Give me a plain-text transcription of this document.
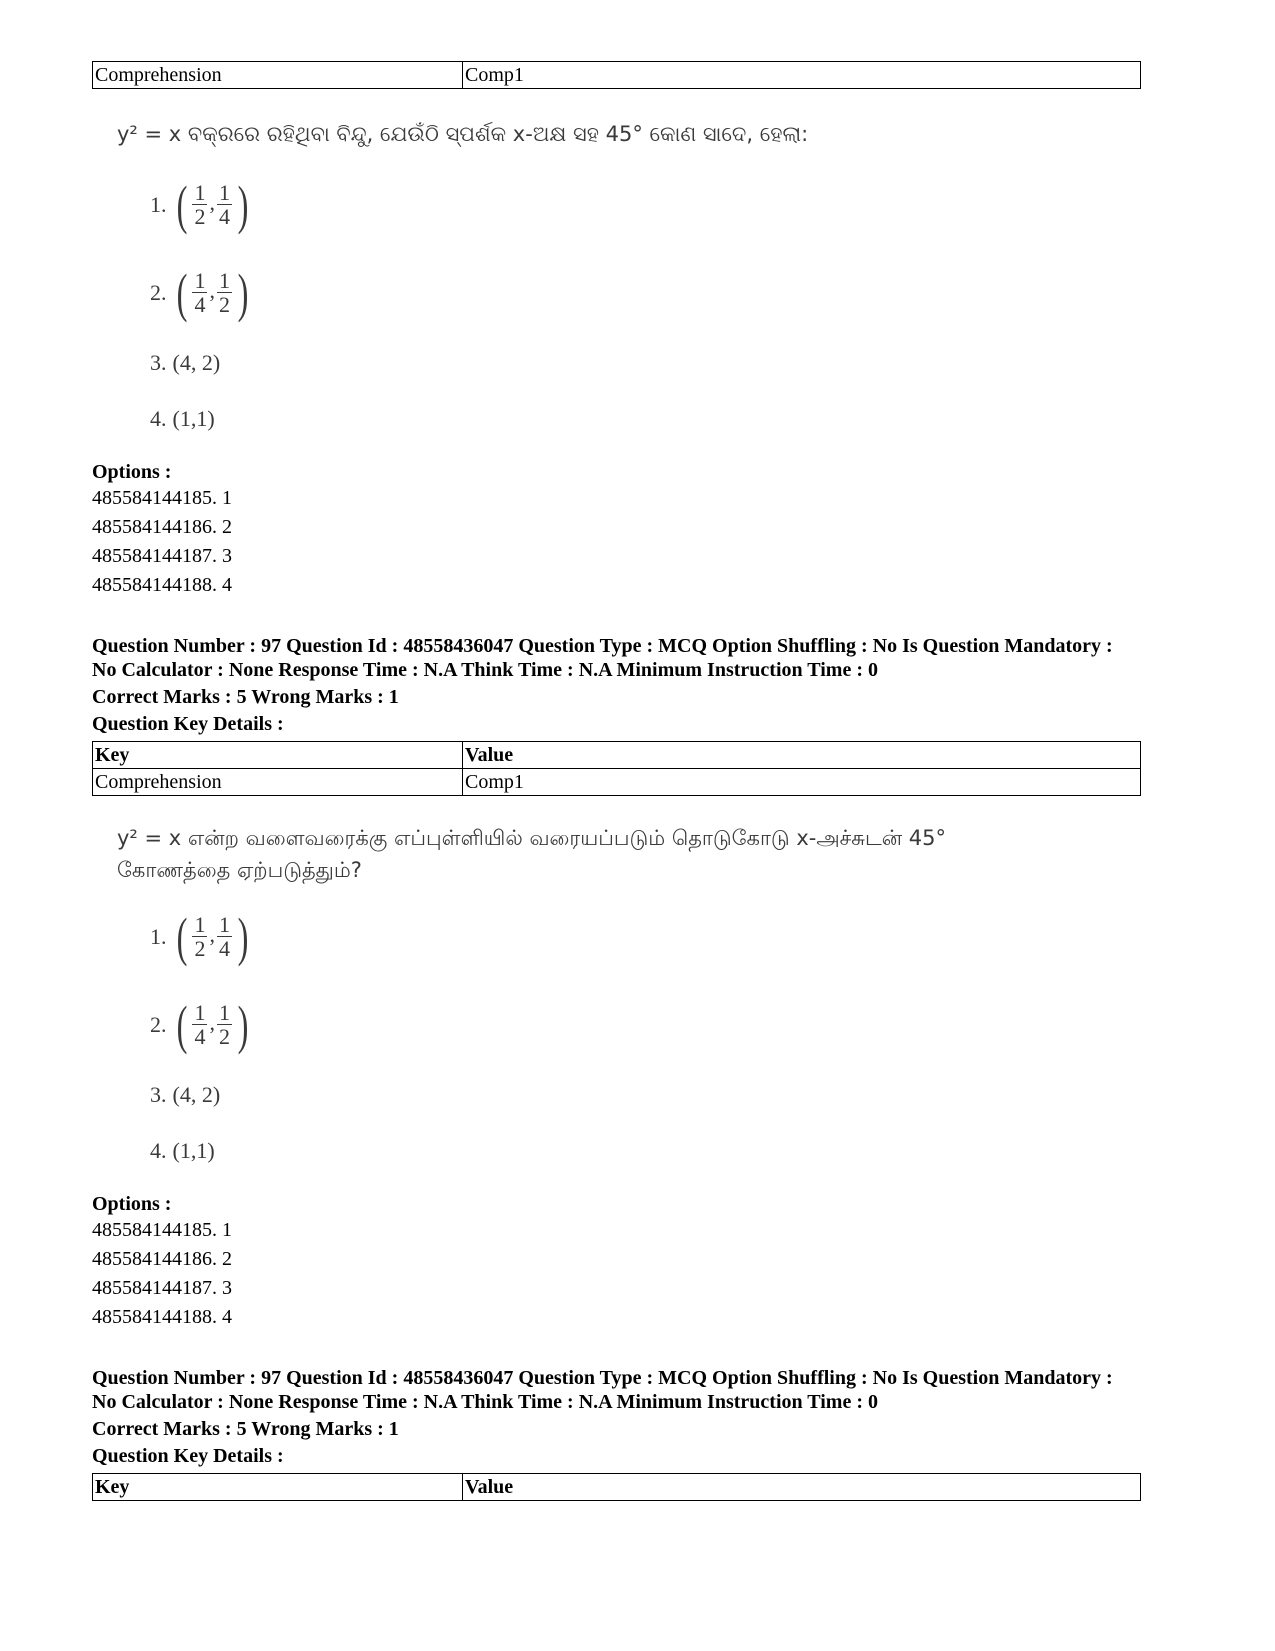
Comprehension	Comp1
y² = x ବକ୍ରରେ ରହିଥିବା ବିନ୍ଦୁ, ଯେଉଁଠି ସ୍ପର୍ଶକ x-ଅକ୍ଷ ସହ 45° କୋଣ ସାଦେ, ହେଲା:
1. ( $\frac{1}{2}$ , $\frac{1}{4}$ )
2. ( $\frac{1}{4}$ , $\frac{1}{2}$ )
3. (4, 2)
4. (1,1)
Options :
485584144185. 1
485584144186. 2
485584144187. 3
485584144188. 4
Question Number : 97 Question Id : 48558436047 Question Type : MCQ Option Shuffling : No Is Question Mandatory :
No Calculator : None Response Time : N.A Think Time : N.A Minimum Instruction Time : 0
Correct Marks : 5 Wrong Marks : 1
Question Key Details :
Key	Value
Comprehension	Comp1
y² = x என்ற வளைவரைக்கு எப்புள்ளியில் வரையப்படும் தொடுகோடு x-அச்சுடன் 45°
கோணத்தை ஏற்படுத்தும்?
1. ( $\frac{1}{2}$ , $\frac{1}{4}$ )
2. ( $\frac{1}{4}$ , $\frac{1}{2}$ )
3. (4, 2)
4. (1,1)
Options :
485584144185. 1
485584144186. 2
485584144187. 3
485584144188. 4
Question Number : 97 Question Id : 48558436047 Question Type : MCQ Option Shuffling : No Is Question Mandatory :
No Calculator : None Response Time : N.A Think Time : N.A Minimum Instruction Time : 0
Correct Marks : 5 Wrong Marks : 1
Question Key Details :
Key	Value
